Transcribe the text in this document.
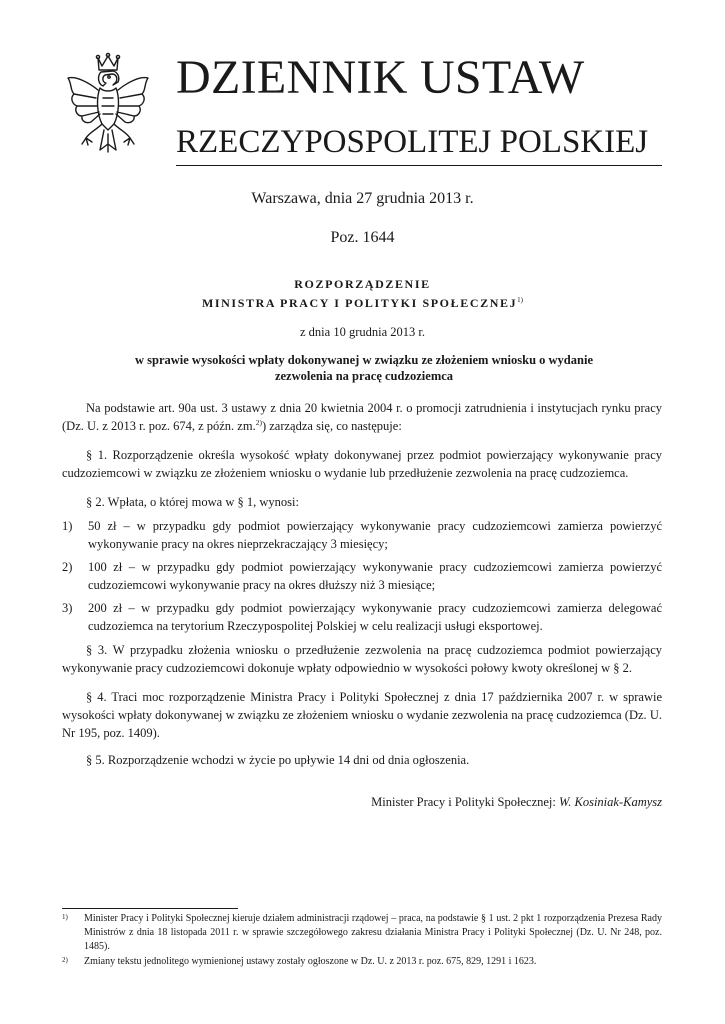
DZIENNIK USTAW
RZECZYPOSPOLITEJ POLSKIEJ
Warszawa, dnia 27 grudnia 2013 r.
Poz. 1644
ROZPORZĄDZENIE
MINISTRA PRACY I POLITYKI SPOŁECZNEJ$^{1)}$
z dnia 10 grudnia 2013 r.
w sprawie wysokości wpłaty dokonywanej w związku ze złożeniem wniosku o wydanie zezwolenia na pracę cudzoziemca
Na podstawie art. 90a ust. 3 ustawy z dnia 20 kwietnia 2004 r. o promocji zatrudnienia i instytucjach rynku pracy (Dz. U. z 2013 r. poz. 674, z późn. zm.$^{2)}$) zarządza się, co następuje:
§ 1. Rozporządzenie określa wysokość wpłaty dokonywanej przez podmiot powierzający wykonywanie pracy cudzoziemcowi w związku ze złożeniem wniosku o wydanie lub przedłużenie zezwolenia na pracę cudzoziemca.
§ 2. Wpłata, o której mowa w § 1, wynosi:
1) 50 zł – w przypadku gdy podmiot powierzający wykonywanie pracy cudzoziemcowi zamierza powierzyć wykonywanie pracy na okres nieprzekraczający 3 miesięcy;
2) 100 zł – w przypadku gdy podmiot powierzający wykonywanie pracy cudzoziemcowi zamierza powierzyć cudzoziemcowi wykonywanie pracy na okres dłuższy niż 3 miesiące;
3) 200 zł – w przypadku gdy podmiot powierzający wykonywanie pracy cudzoziemcowi zamierza delegować cudzoziemca na terytorium Rzeczypospolitej Polskiej w celu realizacji usługi eksportowej.
§ 3. W przypadku złożenia wniosku o przedłużenie zezwolenia na pracę cudzoziemca podmiot powierzający wykonywanie pracy cudzoziemcowi dokonuje wpłaty odpowiednio w wysokości połowy kwoty określonej w § 2.
§ 4. Traci moc rozporządzenie Ministra Pracy i Polityki Społecznej z dnia 17 października 2007 r. w sprawie wysokości wpłaty dokonywanej w związku ze złożeniem wniosku o wydanie zezwolenia na pracę cudzoziemca (Dz. U. Nr 195, poz. 1409).
§ 5. Rozporządzenie wchodzi w życie po upływie 14 dni od dnia ogłoszenia.
Minister Pracy i Polityki Społecznej: W. Kosiniak-Kamysz
1) Minister Pracy i Polityki Społecznej kieruje działem administracji rządowej – praca, na podstawie § 1 ust. 2 pkt 1 rozporządzenia Prezesa Rady Ministrów z dnia 18 listopada 2011 r. w sprawie szczegółowego zakresu działania Ministra Pracy i Polityki Społecznej (Dz. U. Nr 248, poz. 1485).
2) Zmiany tekstu jednolitego wymienionej ustawy zostały ogłoszone w Dz. U. z 2013 r. poz. 675, 829, 1291 i 1623.
